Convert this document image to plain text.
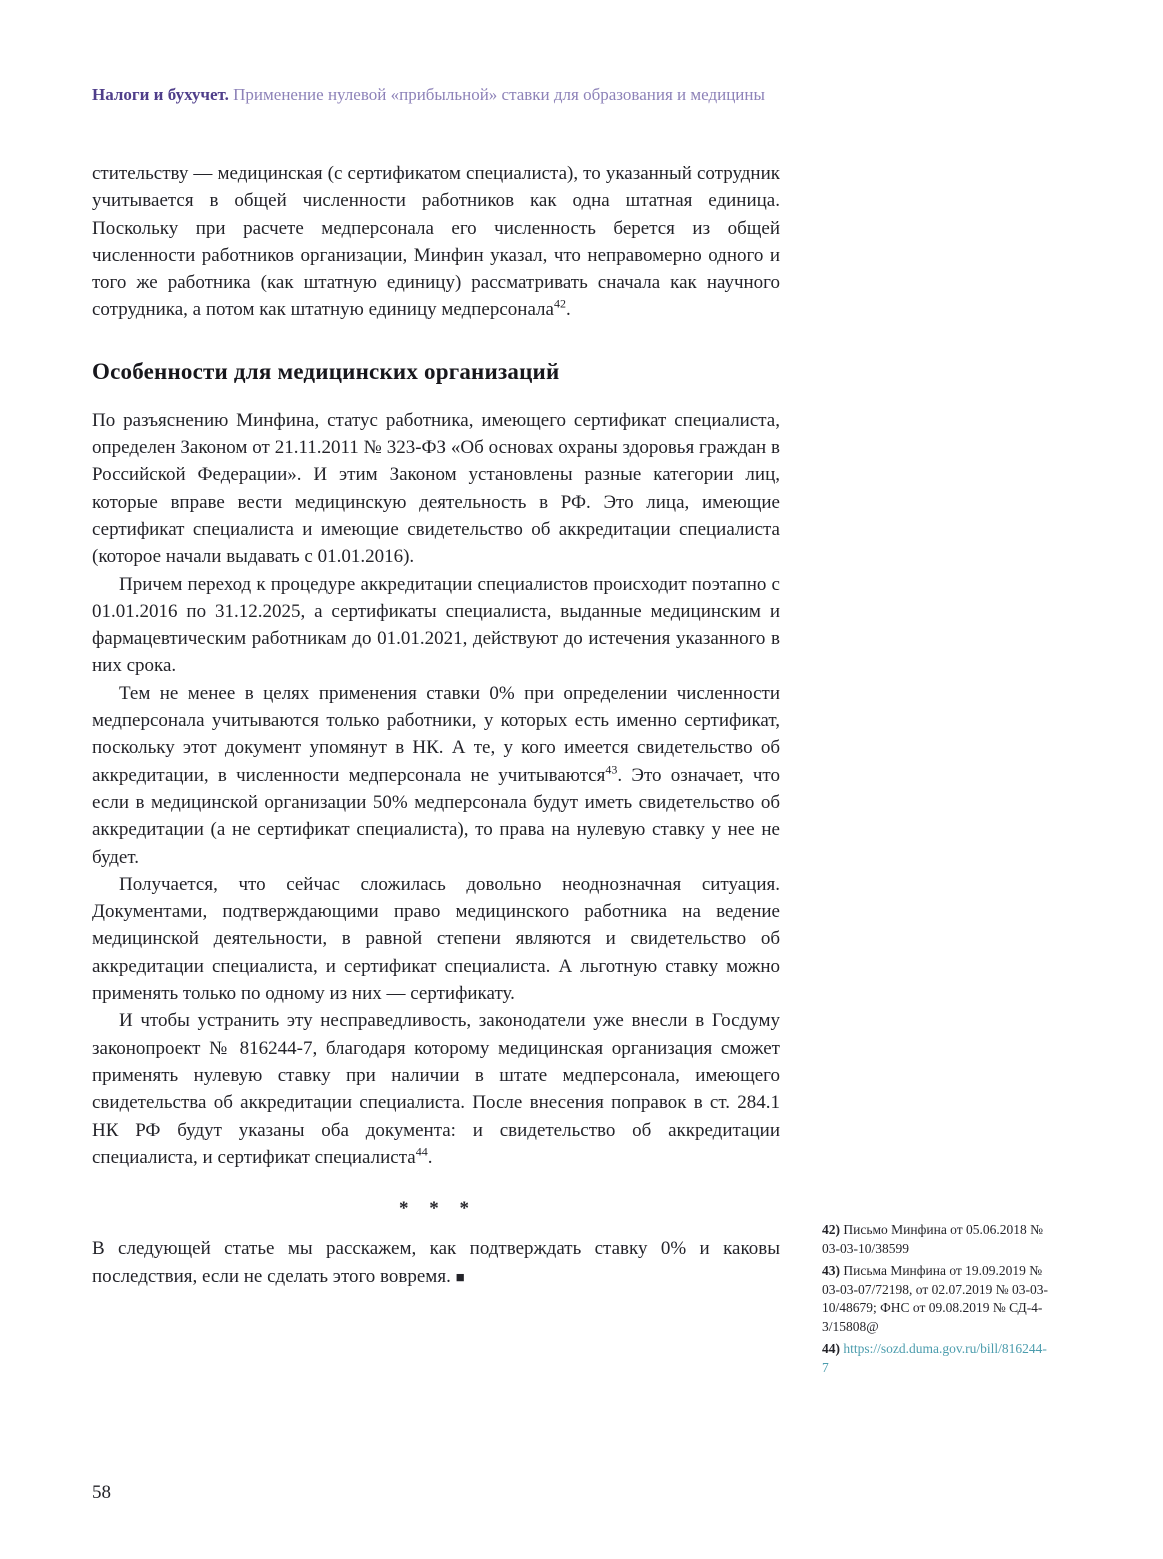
Налоги и бухучет. Применение нулевой «прибыльной» ставки для образования и медицины

стительству — медицинская (с сертификатом специалиста), то указанный сотрудник учитывается в общей численности работников как одна штатная единица. Поскольку при расчете медперсонала его численность берется из общей численности работников организации, Минфин указал, что неправомерно одного и того же работника (как штатную единицу) рассматривать сначала как научного сотрудника, а потом как штатную единицу медперсонала$^{42}$.

Особенности для медицинских организаций

По разъяснению Минфина, статус работника, имеющего сертификат специалиста, определен Законом от 21.11.2011 № 323-ФЗ «Об основах охраны здоровья граждан в Российской Федерации». И этим Законом установлены разные категории лиц, которые вправе вести медицинскую деятельность в РФ. Это лица, имеющие сертификат специалиста и имеющие свидетельство об аккредитации специалиста (которое начали выдавать с 01.01.2016).

Причем переход к процедуре аккредитации специалистов происходит поэтапно с 01.01.2016 по 31.12.2025, а сертификаты специалиста, выданные медицинским и фармацевтическим работникам до 01.01.2021, действуют до истечения указанного в них срока.

Тем не менее в целях применения ставки 0% при определении численности медперсонала учитываются только работники, у которых есть именно сертификат, поскольку этот документ упомянут в НК. А те, у кого имеется свидетельство об аккредитации, в численности медперсонала не учитываются$^{43}$. Это означает, что если в медицинской организации 50% медперсонала будут иметь свидетельство об аккредитации (а не сертификат специалиста), то права на нулевую ставку у нее не будет.

Получается, что сейчас сложилась довольно неоднозначная ситуация. Документами, подтверждающими право медицинского работника на ведение медицинской деятельности, в равной степени являются и свидетельство об аккредитации специалиста, и сертификат специалиста. А льготную ставку можно применять только по одному из них — сертификату.

И чтобы устранить эту несправедливость, законодатели уже внесли в Госдуму законопроект № 816244-7, благодаря которому медицинская организация сможет применять нулевую ставку при наличии в штате медперсонала, имеющего свидетельства об аккредитации специалиста. После внесения поправок в ст. 284.1 НК РФ будут указаны оба документа: и свидетельство об аккредитации специалиста, и сертификат специалиста$^{44}$.

* * *

В следующей статье мы расскажем, как подтверждать ставку 0% и каковы последствия, если не сделать этого вовремя. ■

42) Письмо Минфина от 05.06.2018 № 03-03-10/38599
43) Письма Минфина от 19.09.2019 № 03-03-07/72198, от 02.07.2019 № 03-03-10/48679; ФНС от 09.08.2019 № СД-4-3/15808@
44) https://sozd.duma.gov.ru/bill/816244-7
58
